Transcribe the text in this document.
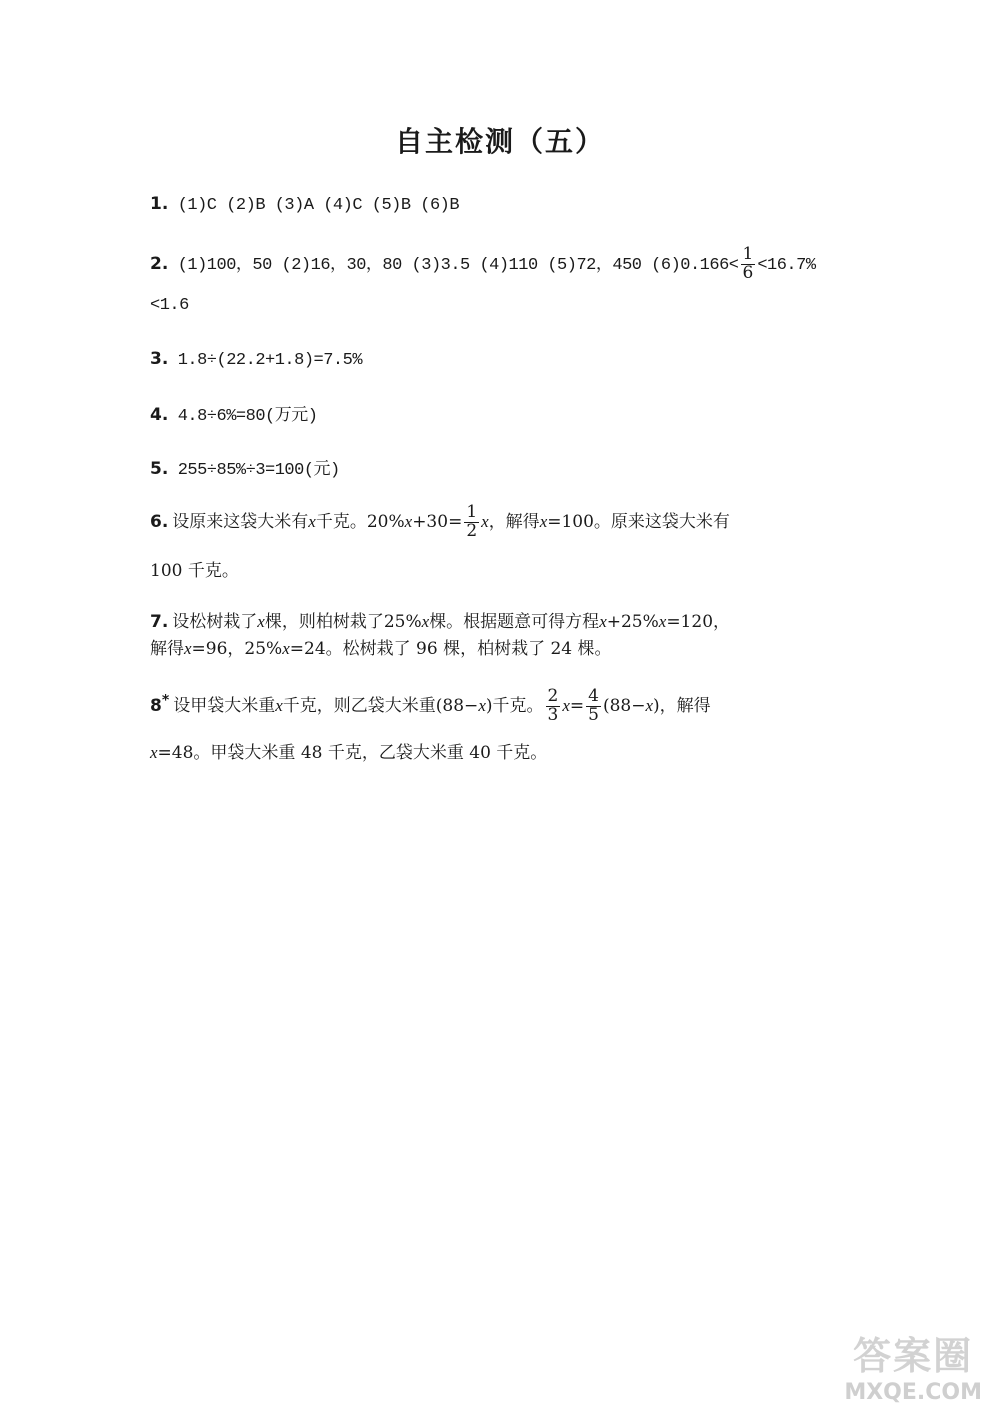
自主检测（五）
1. (1)C (2)B (3)A (4)C (5)B (6)B
2. (1)100，50 (2)16，30，80 (3)3.5 (4)110 (5)72，450 $(6)0.166< \frac{1}{6} <16.7\%$
<1.6
3. 1.8÷(22.2+1.8)=7.5%
4. 4.8÷6%=80(万元)
5. 255÷85%÷3=100(元)
6. 设原来这袋大米有x千克。$20\%x+30= \frac{1}{2}$ x，解得x=100。原来这袋大米有
100 千克。
7. 设松树栽了x棵，则柏树栽了25%x棵。根据题意可得方程x+25%x=120，
解得x=96，25%x=24。松树栽了 96 棵，柏树栽了 24 棵。
8* 设甲袋大米重x千克，则乙袋大米重(88−x)千克。 $\frac{2}{3} x= \frac{4}{5} (88-x)$，解得
x=48。甲袋大米重 48 千克，乙袋大米重 40 千克。
答案圈
MXQE.COM
